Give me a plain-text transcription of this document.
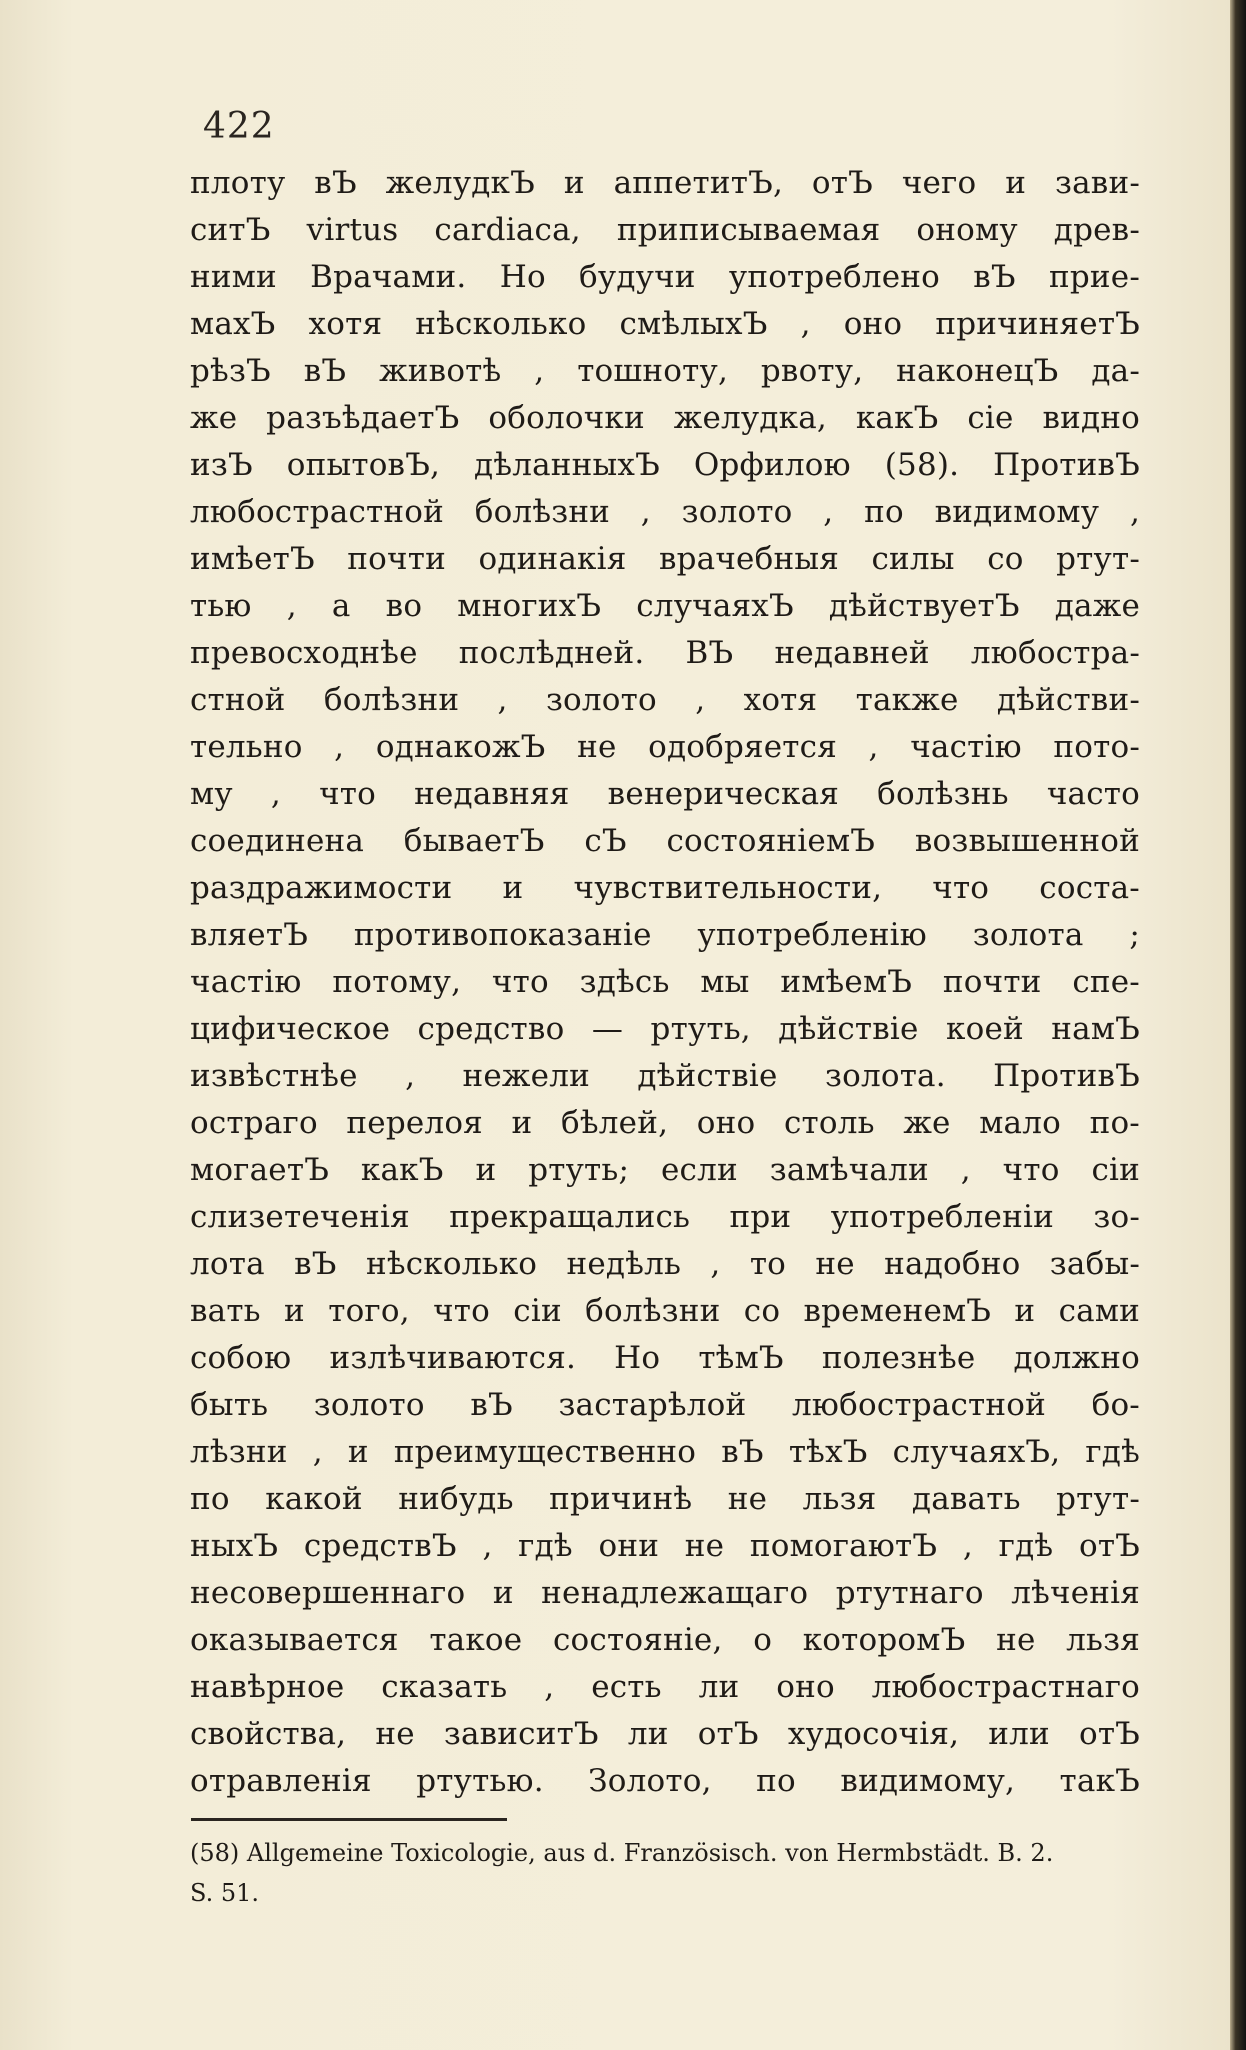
422
плоту вЪ желудкЪ и аппетитЪ, отЪ чего и зави-
ситЪ virtus cardiaca, приписываемая оному древ-
ними Врачами. Но будучи употреблено вЪ прие-
махЪ хотя нѣсколько смѣлыхЪ , оно причиняетЪ
рѣзЪ вЪ животѣ , тошноту, рвоту, наконецЪ да-
же разъѣдаетЪ оболочки желудка, какЪ сіе видно
изЪ опытовЪ, дѣланныхЪ Орфилою (58). ПротивЪ
любострастной болѣзни , золото , по видимому ,
имѣетЪ почти одинакія врачебныя силы со ртут-
тью , а во многихЪ случаяхЪ дѣйствуетЪ даже
превосходнѣе послѣдней. ВЪ недавней любостра-
стной болѣзни , золото , хотя также дѣйстви-
тельно , однакожЪ не одобряется , частію пото-
му , что недавняя венерическая болѣзнь часто
соединена бываетЪ сЪ состояніемЪ возвышенной
раздражимости и чувствительности, что соста-
вляетЪ противопоказаніе употребленію золота ;
частію потому, что здѣсь мы имѣемЪ почти спе-
цифическое средство — ртуть, дѣйствіе коей намЪ
извѣстнѣе , нежели дѣйствіе золота. ПротивЪ
остраго перелоя и бѣлей, оно столь же мало по-
могаетЪ какЪ и ртуть; если замѣчали , что сіи
слизетеченія прекращались при употребленіи зо-
лота вЪ нѣсколько недѣль , то не надобно забы-
вать и того, что сіи болѣзни со временемЪ и сами
собою излѣчиваются. Но тѣмЪ полезнѣе должно
быть золото вЪ застарѣлой любострастной бо-
лѣзни , и преимущественно вЪ тѣхЪ случаяхЪ, гдѣ
по какой нибудь причинѣ не льзя давать ртут-
ныхЪ средствЪ , гдѣ они не помогаютЪ , гдѣ отЪ
несовершеннаго и ненадлежащаго ртутнаго лѣченія
оказывается такое состояніе, о которомЪ не льзя
навѣрное сказать , есть ли оно любострастнаго
свойства, не зависитЪ ли отЪ худосочія, или отЪ
отравленія ртутью. Золото, по видимому, такЪ
(58) Allgemeine Toxicologie, aus d. Französisch. von Hermbstädt. B. 2.
S. 51.
